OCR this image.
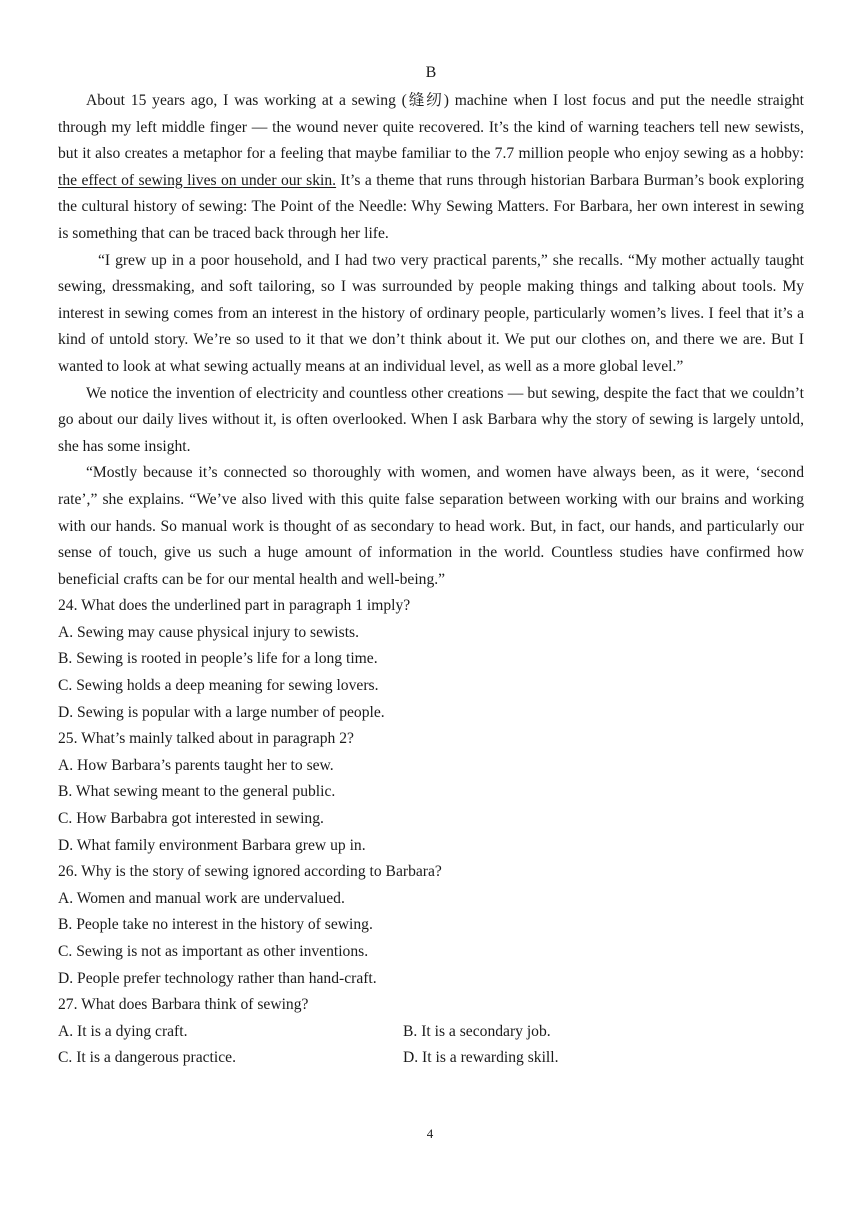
B

About 15 years ago, I was working at a sewing (缝纫) machine when I lost focus and put the needle straight through my left middle finger — the wound never quite recovered. It’s the kind of warning teachers tell new sewists, but it also creates a metaphor for a feeling that maybe familiar to the 7.7 million people who enjoy sewing as a hobby: the effect of sewing lives on under our skin. It’s a theme that runs through historian Barbara Burman’s book exploring the cultural history of sewing: The Point of the Needle: Why Sewing Matters. For Barbara, her own interest in sewing is something that can be traced back through her life.

“I grew up in a poor household, and I had two very practical parents,” she recalls. “My mother actually taught sewing, dressmaking, and soft tailoring, so I was surrounded by people making things and talking about tools. My interest in sewing comes from an interest in the history of ordinary people, particularly women’s lives. I feel that it’s a kind of untold story. We’re so used to it that we don’t think about it. We put our clothes on, and there we are. But I wanted to look at what sewing actually means at an individual level, as well as a more global level.”

We notice the invention of electricity and countless other creations — but sewing, despite the fact that we couldn’t go about our daily lives without it, is often overlooked. When I ask Barbara why the story of sewing is largely untold, she has some insight.

“Mostly because it’s connected so thoroughly with women, and women have always been, as it were, ‘second rate’,” she explains. “We’ve also lived with this quite false separation between working with our brains and working with our hands. So manual work is thought of as secondary to head work. But, in fact, our hands, and particularly our sense of touch, give us such a huge amount of information in the world. Countless studies have confirmed how beneficial crafts can be for our mental health and well-being.”

24. What does the underlined part in paragraph 1 imply?

A. Sewing may cause physical injury to sewists.

B. Sewing is rooted in people’s life for a long time.

C. Sewing holds a deep meaning for sewing lovers.

D. Sewing is popular with a large number of people.

25. What’s mainly talked about in paragraph 2?

A. How Barbara’s parents taught her to sew.

B. What sewing meant to the general public.

C. How Barbabra got interested in sewing.

D. What family environment Barbara grew up in.

26. Why is the story of sewing ignored according to Barbara?

A. Women and manual work are undervalued.

B. People take no interest in the history of sewing.

C. Sewing is not as important as other inventions.

D. People prefer technology rather than hand-craft.

27. What does Barbara think of sewing?

A. It is a dying craft.	B. It is a secondary job.
C. It is a dangerous practice.	D. It is a rewarding skill.
4
